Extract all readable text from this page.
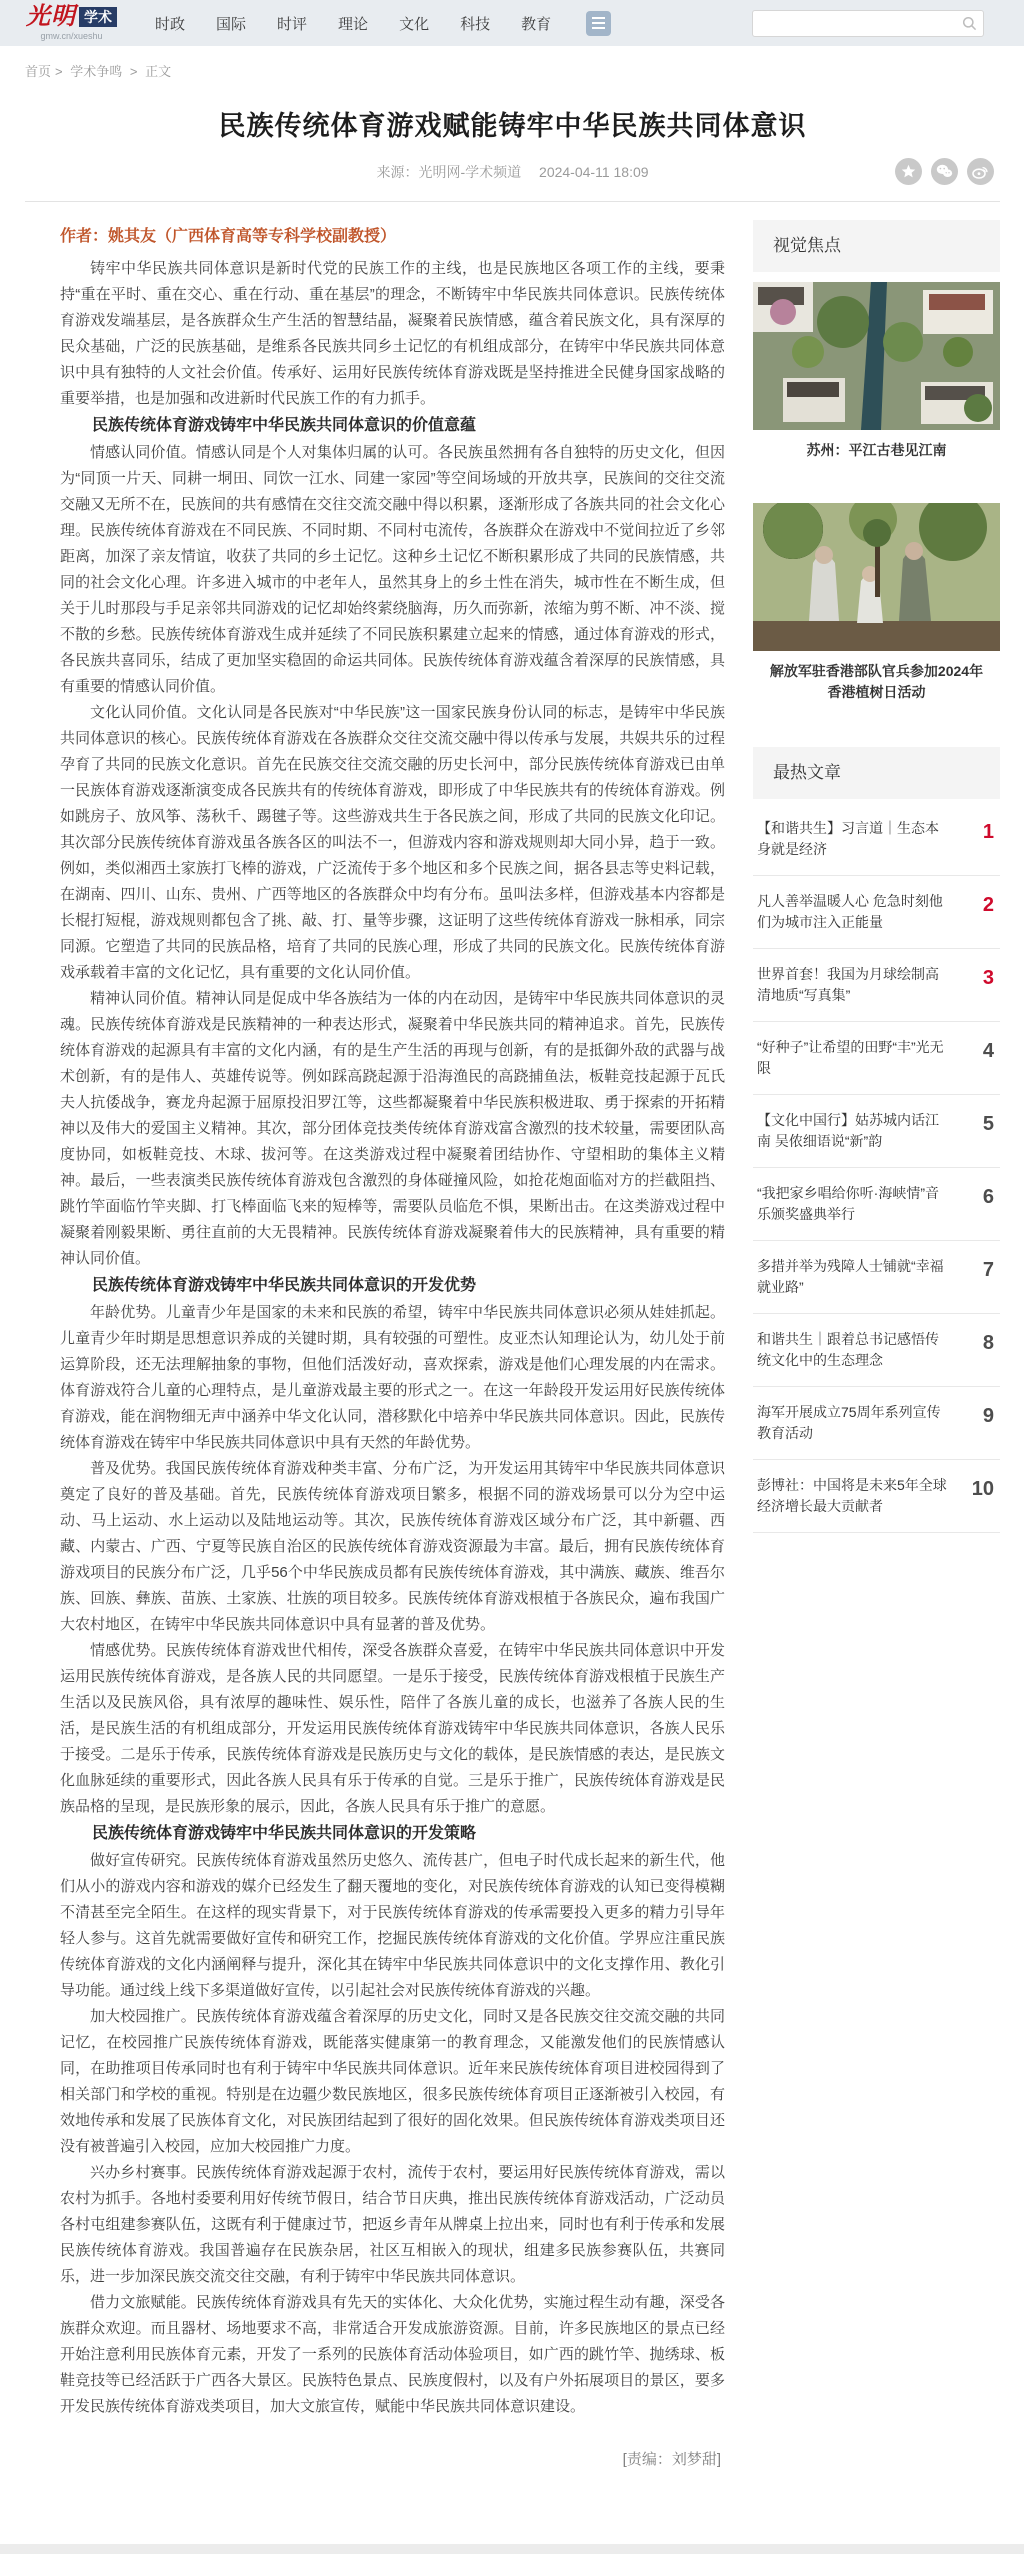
光明 学术
gmw.cn/xueshu
时政 国际 时评 理论 文化 科技 教育
首页 > 学术争鸣 > 正文
民族传统体育游戏赋能铸牢中华民族共同体意识
来源：光明网-学术频道 2024-04-11 18:09
作者：姚其友（广西体育高等专科学校副教授）

铸牢中华民族共同体意识是新时代党的民族工作的主线，也是民族地区各项工作的主线，要秉持“重在平时、重在交心、重在行动、重在基层”的理念，不断铸牢中华民族共同体意识。民族传统体育游戏发端基层，是各族群众生产生活的智慧结晶，凝聚着民族情感，蕴含着民族文化，具有深厚的民众基础，广泛的民族基础，是维系各民族共同乡土记忆的有机组成部分，在铸牢中华民族共同体意识中具有独特的人文社会价值。传承好、运用好民族传统体育游戏既是坚持推进全民健身国家战略的重要举措，也是加强和改进新时代民族工作的有力抓手。

民族传统体育游戏铸牢中华民族共同体意识的价值意蕴

情感认同价值。情感认同是个人对集体归属的认可。各民族虽然拥有各自独特的历史文化，但因为“同顶一片天、同耕一垌田、同饮一江水、同建一家园”等空间场域的开放共享，民族间的交往交流交融又无所不在，民族间的共有感情在交往交流交融中得以积累，逐渐形成了各族共同的社会文化心理。民族传统体育游戏在不同民族、不同时期、不同村屯流传，各族群众在游戏中不觉间拉近了乡邻距离，加深了亲友情谊，收获了共同的乡土记忆。这种乡土记忆不断积累形成了共同的民族情感，共同的社会文化心理。许多进入城市的中老年人，虽然其身上的乡土性在消失，城市性在不断生成，但关于儿时那段与手足亲邻共同游戏的记忆却始终萦绕脑海，历久而弥新，浓缩为剪不断、冲不淡、搅不散的乡愁。民族传统体育游戏生成并延续了不同民族积累建立起来的情感，通过体育游戏的形式，各民族共喜同乐，结成了更加坚实稳固的命运共同体。民族传统体育游戏蕴含着深厚的民族情感，具有重要的情感认同价值。

文化认同价值。文化认同是各民族对“中华民族”这一国家民族身份认同的标志，是铸牢中华民族共同体意识的核心。民族传统体育游戏在各族群众交往交流交融中得以传承与发展，共娱共乐的过程孕育了共同的民族文化意识。首先在民族交往交流交融的历史长河中，部分民族传统体育游戏已由单一民族体育游戏逐渐演变成各民族共有的传统体育游戏，即形成了中华民族共有的传统体育游戏。例如跳房子、放风筝、荡秋千、踢毽子等。这些游戏共生于各民族之间，形成了共同的民族文化印记。其次部分民族传统体育游戏虽各族各区的叫法不一，但游戏内容和游戏规则却大同小异，趋于一致。例如，类似湘西土家族打飞棒的游戏，广泛流传于多个地区和多个民族之间，据各县志等史料记载，在湖南、四川、山东、贵州、广西等地区的各族群众中均有分布。虽叫法多样，但游戏基本内容都是长棍打短棍，游戏规则都包含了挑、敲、打、量等步骤，这证明了这些传统体育游戏一脉相承，同宗同源。它塑造了共同的民族品格，培育了共同的民族心理，形成了共同的民族文化。民族传统体育游戏承载着丰富的文化记忆，具有重要的文化认同价值。

精神认同价值。精神认同是促成中华各族结为一体的内在动因，是铸牢中华民族共同体意识的灵魂。民族传统体育游戏是民族精神的一种表达形式，凝聚着中华民族共同的精神追求。首先，民族传统体育游戏的起源具有丰富的文化内涵，有的是生产生活的再现与创新，有的是抵御外敌的武器与战术创新，有的是伟人、英雄传说等。例如踩高跷起源于沿海渔民的高跷捕鱼法，板鞋竞技起源于瓦氏夫人抗倭战争，赛龙舟起源于屈原投汨罗江等，这些都凝聚着中华民族积极进取、勇于探索的开拓精神以及伟大的爱国主义精神。其次，部分团体竞技类传统体育游戏富含激烈的技术较量，需要团队高度协同，如板鞋竞技、木球、拔河等。在这类游戏过程中凝聚着团结协作、守望相助的集体主义精神。最后，一些表演类民族传统体育游戏包含激烈的身体碰撞风险，如抢花炮面临对方的拦截阻挡、跳竹竿面临竹竿夹脚、打飞棒面临飞来的短棒等，需要队员临危不惧，果断出击。在这类游戏过程中凝聚着刚毅果断、勇往直前的大无畏精神。民族传统体育游戏凝聚着伟大的民族精神，具有重要的精神认同价值。

民族传统体育游戏铸牢中华民族共同体意识的开发优势

年龄优势。儿童青少年是国家的未来和民族的希望，铸牢中华民族共同体意识必须从娃娃抓起。儿童青少年时期是思想意识养成的关键时期，具有较强的可塑性。皮亚杰认知理论认为，幼儿处于前运算阶段，还无法理解抽象的事物，但他们活泼好动，喜欢探索，游戏是他们心理发展的内在需求。体育游戏符合儿童的心理特点，是儿童游戏最主要的形式之一。在这一年龄段开发运用好民族传统体育游戏，能在润物细无声中涵养中华文化认同，潜移默化中培养中华民族共同体意识。因此，民族传统体育游戏在铸牢中华民族共同体意识中具有天然的年龄优势。

普及优势。我国民族传统体育游戏种类丰富、分布广泛，为开发运用其铸牢中华民族共同体意识奠定了良好的普及基础。首先，民族传统体育游戏项目繁多，根据不同的游戏场景可以分为空中运动、马上运动、水上运动以及陆地运动等。其次，民族传统体育游戏区域分布广泛，其中新疆、西藏、内蒙古、广西、宁夏等民族自治区的民族传统体育游戏资源最为丰富。最后，拥有民族传统体育游戏项目的民族分布广泛，几乎56个中华民族成员都有民族传统体育游戏，其中满族、藏族、维吾尔族、回族、彝族、苗族、土家族、壮族的项目较多。民族传统体育游戏根植于各族民众，遍布我国广大农村地区，在铸牢中华民族共同体意识中具有显著的普及优势。

情感优势。民族传统体育游戏世代相传，深受各族群众喜爱，在铸牢中华民族共同体意识中开发运用民族传统体育游戏，是各族人民的共同愿望。一是乐于接受，民族传统体育游戏根植于民族生产生活以及民族风俗，具有浓厚的趣味性、娱乐性，陪伴了各族儿童的成长，也滋养了各族人民的生活，是民族生活的有机组成部分，开发运用民族传统体育游戏铸牢中华民族共同体意识，各族人民乐于接受。二是乐于传承，民族传统体育游戏是民族历史与文化的载体，是民族情感的表达，是民族文化血脉延续的重要形式，因此各族人民具有乐于传承的自觉。三是乐于推广，民族传统体育游戏是民族品格的呈现，是民族形象的展示，因此，各族人民具有乐于推广的意愿。

民族传统体育游戏铸牢中华民族共同体意识的开发策略

做好宣传研究。民族传统体育游戏虽然历史悠久、流传甚广，但电子时代成长起来的新生代，他们从小的游戏内容和游戏的媒介已经发生了翻天覆地的变化，对民族传统体育游戏的认知已变得模糊不清甚至完全陌生。在这样的现实背景下，对于民族传统体育游戏的传承需要投入更多的精力引导年轻人参与。这首先就需要做好宣传和研究工作，挖掘民族传统体育游戏的文化价值。学界应注重民族传统体育游戏的文化内涵阐释与提升，深化其在铸牢中华民族共同体意识中的文化支撑作用、教化引导功能。通过线上线下多渠道做好宣传，以引起社会对民族传统体育游戏的兴趣。

加大校园推广。民族传统体育游戏蕴含着深厚的历史文化，同时又是各民族交往交流交融的共同记忆，在校园推广民族传统体育游戏，既能落实健康第一的教育理念，又能激发他们的民族情感认同，在助推项目传承同时也有利于铸牢中华民族共同体意识。近年来民族传统体育项目进校园得到了相关部门和学校的重视。特别是在边疆少数民族地区，很多民族传统体育项目正逐渐被引入校园，有效地传承和发展了民族体育文化，对民族团结起到了很好的固化效果。但民族传统体育游戏类项目还没有被普遍引入校园，应加大校园推广力度。

兴办乡村赛事。民族传统体育游戏起源于农村，流传于农村，要运用好民族传统体育游戏，需以农村为抓手。各地村委要利用好传统节假日，结合节日庆典，推出民族传统体育游戏活动，广泛动员各村屯组建参赛队伍，这既有利于健康过节，把返乡青年从牌桌上拉出来，同时也有利于传承和发展民族传统体育游戏。我国普遍存在民族杂居，社区互相嵌入的现状，组建多民族参赛队伍，共赛同乐，进一步加深民族交流交往交融，有利于铸牢中华民族共同体意识。

借力文旅赋能。民族传统体育游戏具有先天的实体化、大众化优势，实施过程生动有趣，深受各族群众欢迎。而且器材、场地要求不高，非常适合开发成旅游资源。目前，许多民族地区的景点已经开始注意利用民族体育元素，开发了一系列的民族体育活动体验项目，如广西的跳竹竿、抛绣球、板鞋竞技等已经活跃于广西各大景区。民族特色景点、民族度假村，以及有户外拓展项目的景区，要多开发民族传统体育游戏类项目，加大文旅宣传，赋能中华民族共同体意识建设。

[责编：刘梦甜]
视觉焦点
苏州：平江古巷见江南
解放军驻香港部队官兵参加2024年香港植树日活动
最热文章
【和谐共生】习言道｜生态本身就是经济
1
凡人善举温暖人心 危急时刻他们为城市注入正能量
2
世界首套！我国为月球绘制高清地质“写真集”
3
“好种子”让希望的田野“丰”光无限
4
【文化中国行】姑苏城内话江南 吴侬细语说“新”韵
5
“我把家乡唱给你听·海峡情”音乐颁奖盛典举行
6
多措并举为残障人士铺就“幸福就业路”
7
和谐共生｜跟着总书记感悟传统文化中的生态理念
8
海军开展成立75周年系列宣传教育活动
9
彭博社：中国将是未来5年全球经济增长最大贡献者
10
